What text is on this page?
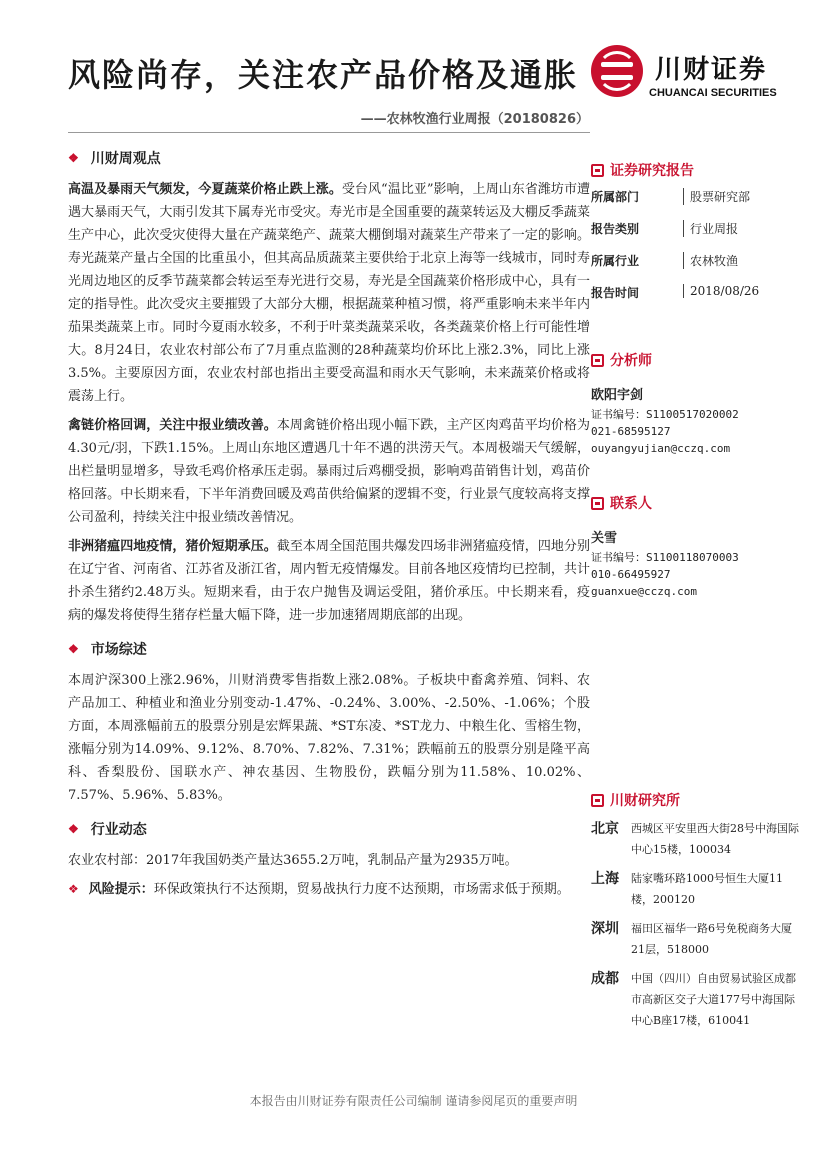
风险尚存，关注农产品价格及通胀
——农林牧渔行业周报（20180826）
川财证券
CHUANCAI SECURITIES
❖ 川财周观点

高温及暴雨天气频发，今夏蔬菜价格止跌上涨。受台风“温比亚”影响，上周山东省潍坊市遭遇大暴雨天气，大雨引发其下属寿光市受灾。寿光市是全国重要的蔬菜转运及大棚反季蔬菜生产中心，此次受灾使得大量在产蔬菜绝产、蔬菜大棚倒塌对蔬菜生产带来了一定的影响。寿光蔬菜产量占全国的比重虽小，但其高品质蔬菜主要供给于北京上海等一线城市，同时寿光周边地区的反季节蔬菜都会转运至寿光进行交易，寿光是全国蔬菜价格形成中心，具有一定的指导性。此次受灾主要摧毁了大部分大棚，根据蔬菜种植习惯，将严重影响未来半年内茄果类蔬菜上市。同时今夏雨水较多，不利于叶菜类蔬菜采收，各类蔬菜价格上行可能性增大。8月24日，农业农村部公布了7月重点监测的28种蔬菜均价环比上涨2.3%，同比上涨3.5%。主要原因方面，农业农村部也指出主要受高温和雨水天气影响，未来蔬菜价格或将震荡上行。

禽链价格回调，关注中报业绩改善。本周禽链价格出现小幅下跌，主产区肉鸡苗平均价格为4.30元/羽，下跌1.15%。上周山东地区遭遇几十年不遇的洪涝天气。本周极端天气缓解，出栏量明显增多，导致毛鸡价格承压走弱。暴雨过后鸡棚受损，影响鸡苗销售计划，鸡苗价格回落。中长期来看，下半年消费回暖及鸡苗供给偏紧的逻辑不变，行业景气度较高将支撑公司盈利，持续关注中报业绩改善情况。

非洲猪瘟四地疫情，猪价短期承压。截至本周全国范围共爆发四场非洲猪瘟疫情，四地分别在辽宁省、河南省、江苏省及浙江省，周内暂无疫情爆发。目前各地区疫情均已控制，共计扑杀生猪约2.48万头。短期来看，由于农户抛售及调运受阻，猪价承压。中长期来看，疫病的爆发将使得生猪存栏量大幅下降，进一步加速猪周期底部的出现。

❖ 市场综述

本周沪深300上涨2.96%，川财消费零售指数上涨2.08%。子板块中畜禽养殖、饲料、农产品加工、种植业和渔业分别变动-1.47%、-0.24%、3.00%、-2.50%、-1.06%；个股方面，本周涨幅前五的股票分别是宏辉果蔬、*ST东凌、*ST龙力、中粮生化、雪榕生物，涨幅分别为14.09%、9.12%、8.70%、7.82%、7.31%；跌幅前五的股票分别是隆平高科、香梨股份、国联水产、神农基因、生物股份，跌幅分别为11.58%、10.02%、7.57%、5.96%、5.83%。

❖ 行业动态

农业农村部：2017年我国奶类产量达3655.2万吨，乳制品产量为2935万吨。

❖ 风险提示：环保政策执行不达预期，贸易战执行力度不达预期，市场需求低于预期。

证券研究报告
所属部门	股票研究部
报告类别	行业周报
所属行业	农林牧渔
报告时间	2018/08/26
分析师
欧阳宇剑
证书编号：S1100517020002
021-68595127
ouyangyujian@cczq.com
联系人
关雪
证书编号：S1100118070003
010-66495927
guanxue@cczq.com
川财研究所
北京	西城区平安里西大街28号中海国际中心15楼，100034
上海	陆家嘴环路1000号恒生大厦11楼，200120
深圳	福田区福华一路6号免税商务大厦21层，518000
成都	中国（四川）自由贸易试验区成都市高新区交子大道177号中海国际中心B座17楼，610041
本报告由川财证券有限责任公司编制 谨请参阅尾页的重要声明
